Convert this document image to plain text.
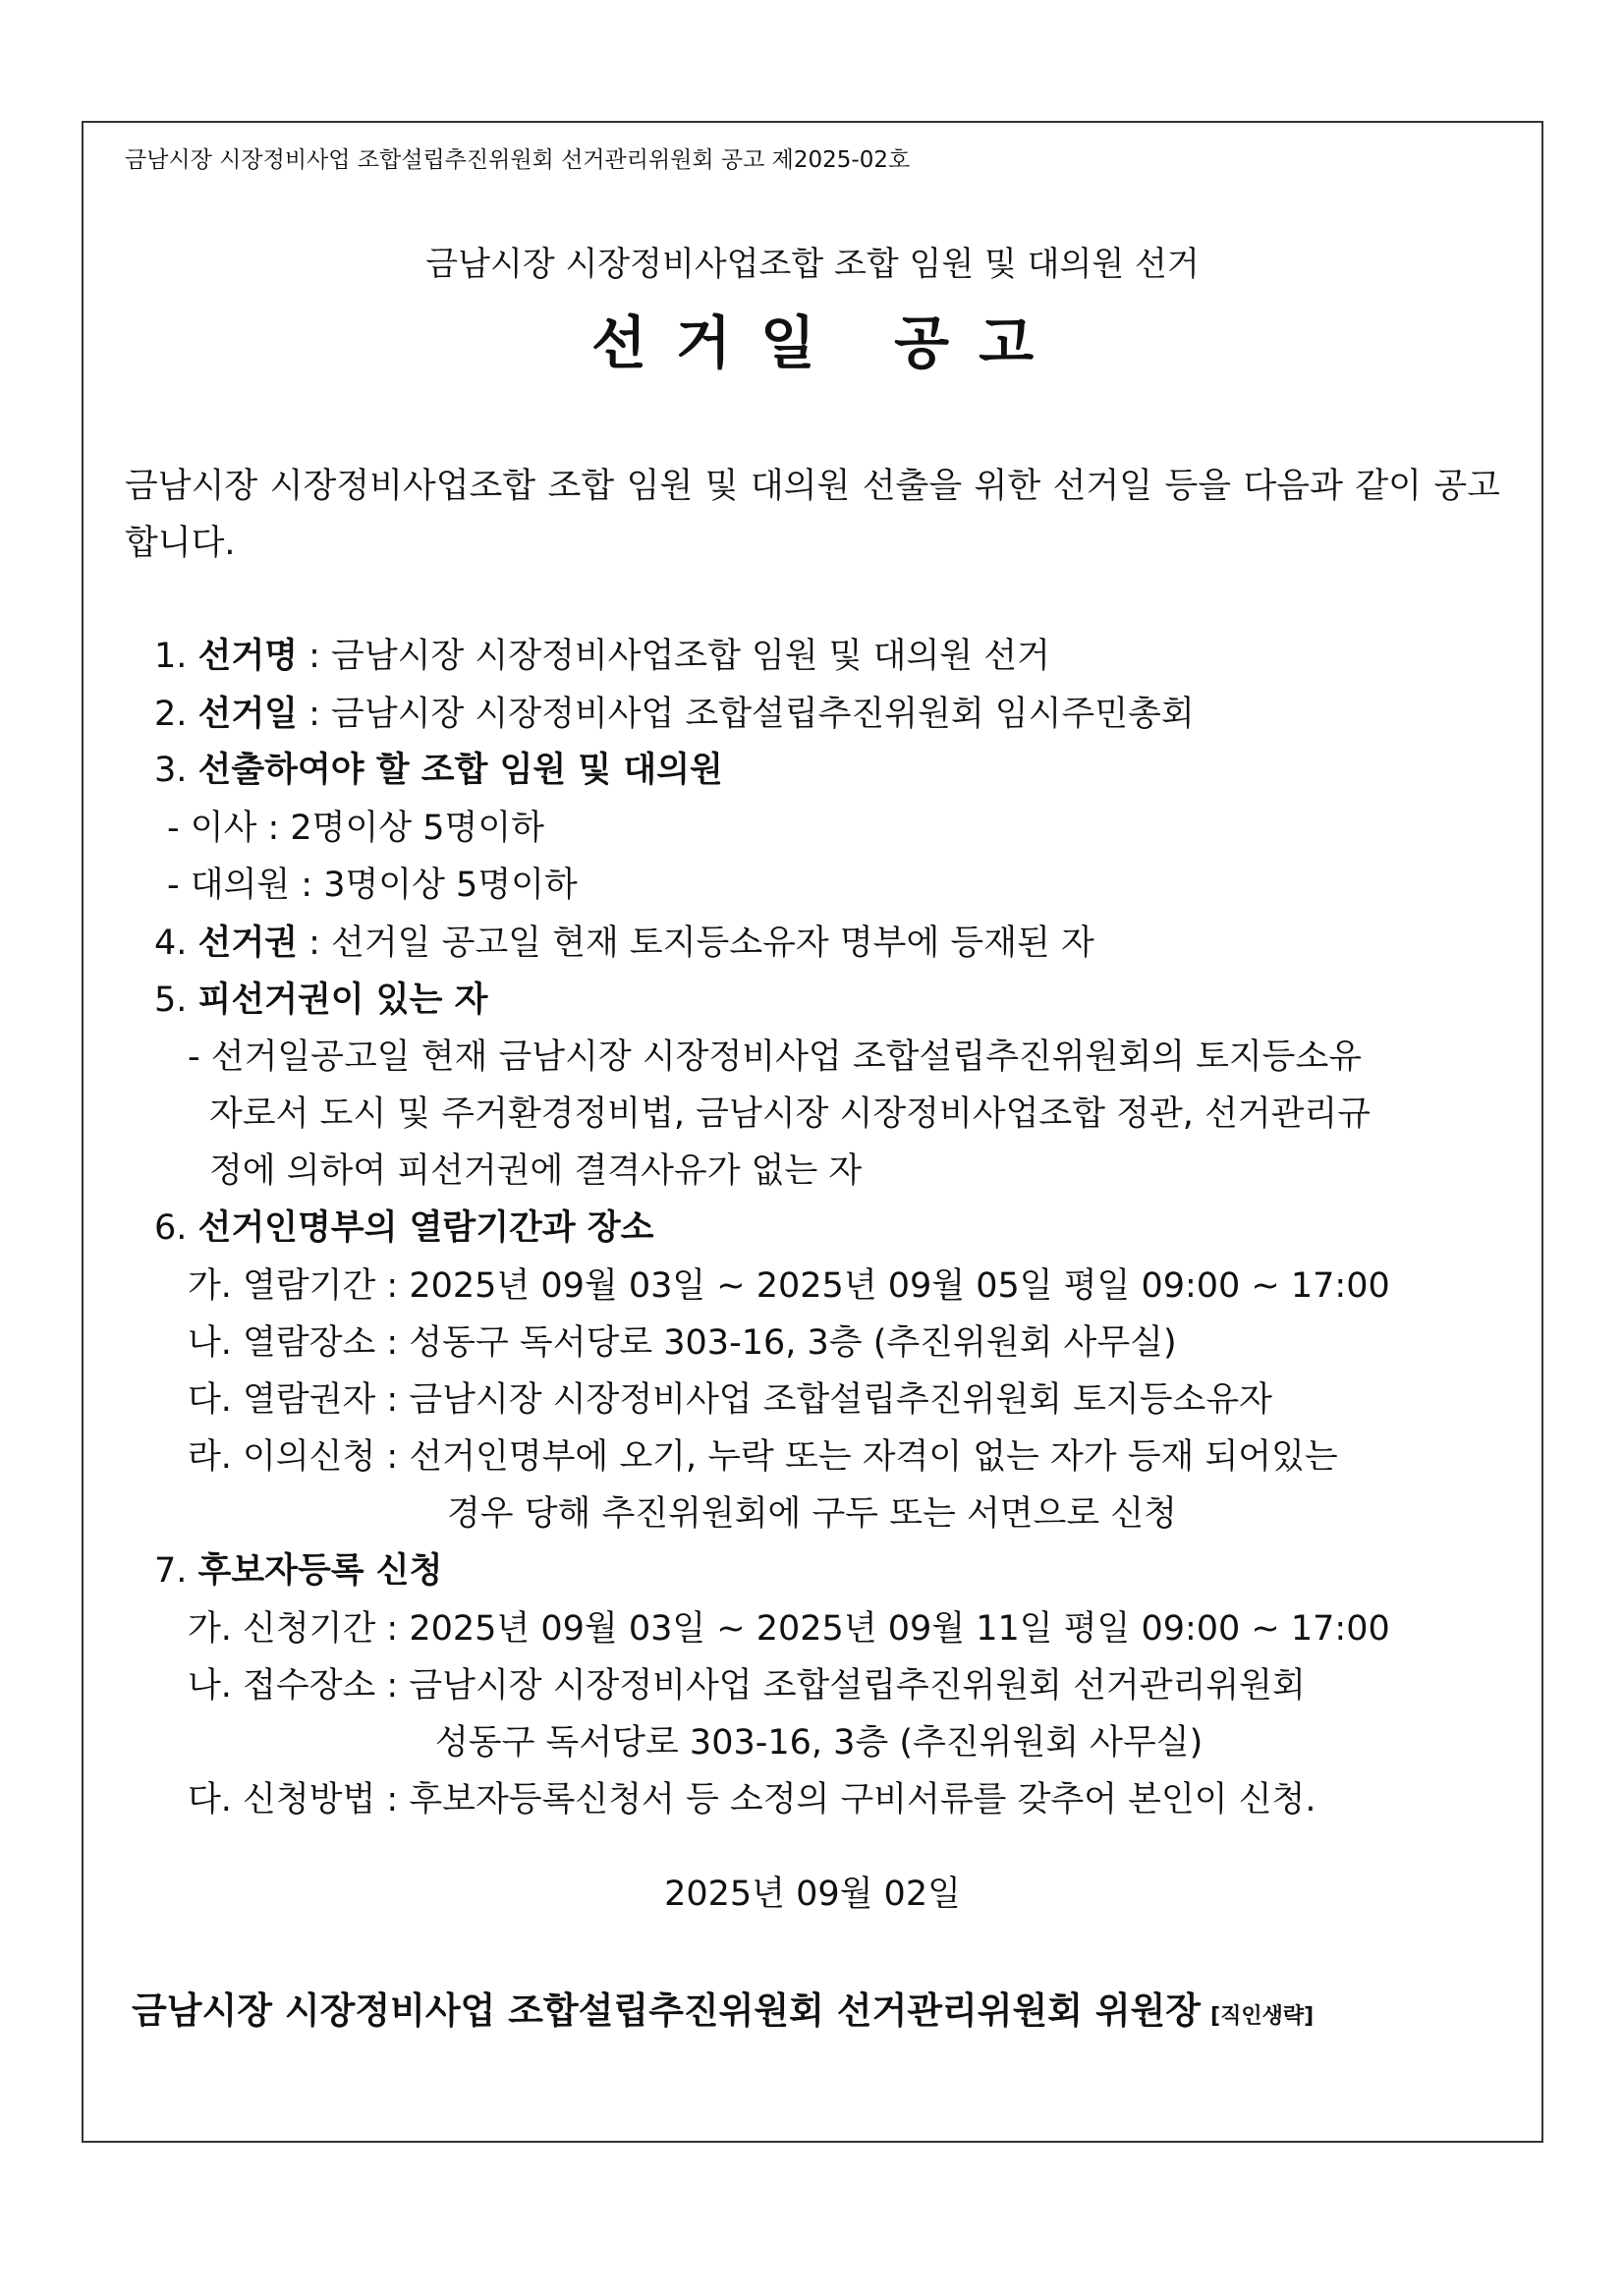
금남시장 시장정비사업 조합설립추진위원회 선거관리위원회 공고 제2025-02호
금남시장 시장정비사업조합 조합 임원 및 대의원 선거
선거일 공고
금남시장 시장정비사업조합 조합 임원 및 대의원 선출을 위한 선거일 등을 다음과 같이 공고합니다.
1. 선거명 : 금남시장 시장정비사업조합 임원 및 대의원 선거
2. 선거일 : 금남시장 시장정비사업 조합설립추진위원회 임시주민총회
3. 선출하여야 할 조합 임원 및 대의원
- 이사 : 2명이상 5명이하
- 대의원 : 3명이상 5명이하
4. 선거권 : 선거일 공고일 현재 토지등소유자 명부에 등재된 자
5. 피선거권이 있는 자
- 선거일공고일 현재 금남시장 시장정비사업 조합설립추진위원회의 토지등소유
자로서 도시 및 주거환경정비법, 금남시장 시장정비사업조합 정관, 선거관리규
정에 의하여 피선거권에 결격사유가 없는 자
6. 선거인명부의 열람기간과 장소
가. 열람기간 : 2025년 09월 03일 ~ 2025년 09월 05일 평일 09:00 ~ 17:00
나. 열람장소 : 성동구 독서당로 303-16, 3층 (추진위원회 사무실)
다. 열람권자 : 금남시장 시장정비사업 조합설립추진위원회 토지등소유자
라. 이의신청 : 선거인명부에 오기, 누락 또는 자격이 없는 자가 등재 되어있는
경우 당해 추진위원회에 구두 또는 서면으로 신청
7. 후보자등록 신청
가. 신청기간 : 2025년 09월 03일 ~ 2025년 09월 11일 평일 09:00 ~ 17:00
나. 접수장소 : 금남시장 시장정비사업 조합설립추진위원회 선거관리위원회
성동구 독서당로 303-16, 3층 (추진위원회 사무실)
다. 신청방법 : 후보자등록신청서 등 소정의 구비서류를 갖추어 본인이 신청.
2025년 09월 02일
금남시장 시장정비사업 조합설립추진위원회 선거관리위원회 위원장 [직인생략]
